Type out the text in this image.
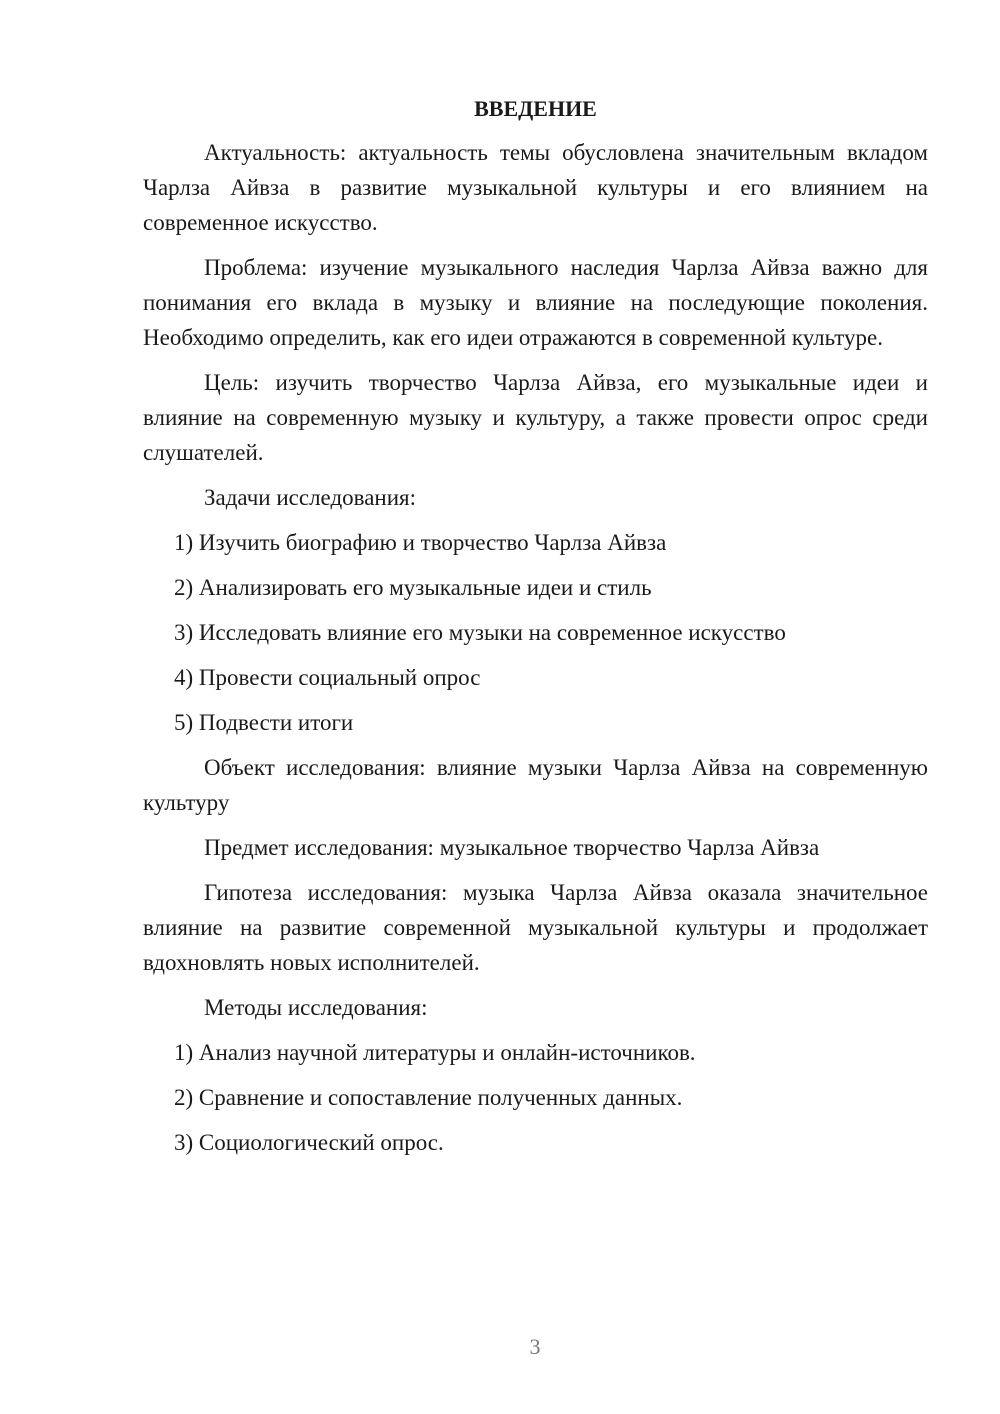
ВВЕДЕНИЕ

Актуальность: актуальность темы обусловлена значительным вкладом Чарлза Айвза в развитие музыкальной культуры и его влиянием на современное искусство.

Проблема: изучение музыкального наследия Чарлза Айвза важно для понимания его вклада в музыку и влияние на последующие поколения. Необходимо определить, как его идеи отражаются в современной культуре.

Цель: изучить творчество Чарлза Айвза, его музыкальные идеи и влияние на современную музыку и культуру, а также провести опрос среди слушателей.

Задачи исследования:

1) Изучить биографию и творчество Чарлза Айвза
2) Анализировать его музыкальные идеи и стиль
3) Исследовать влияние его музыки на современное искусство
4) Провести социальный опрос
5) Подвести итоги

Объект исследования: влияние музыки Чарлза Айвза на современную культуру

Предмет исследования: музыкальное творчество Чарлза Айвза

Гипотеза исследования: музыка Чарлза Айвза оказала значительное влияние на развитие современной музыкальной культуры и продолжает вдохновлять новых исполнителей.

Методы исследования:

1) Анализ научной литературы и онлайн-источников.
2) Сравнение и сопоставление полученных данных.
3) Социологический опрос.
3
